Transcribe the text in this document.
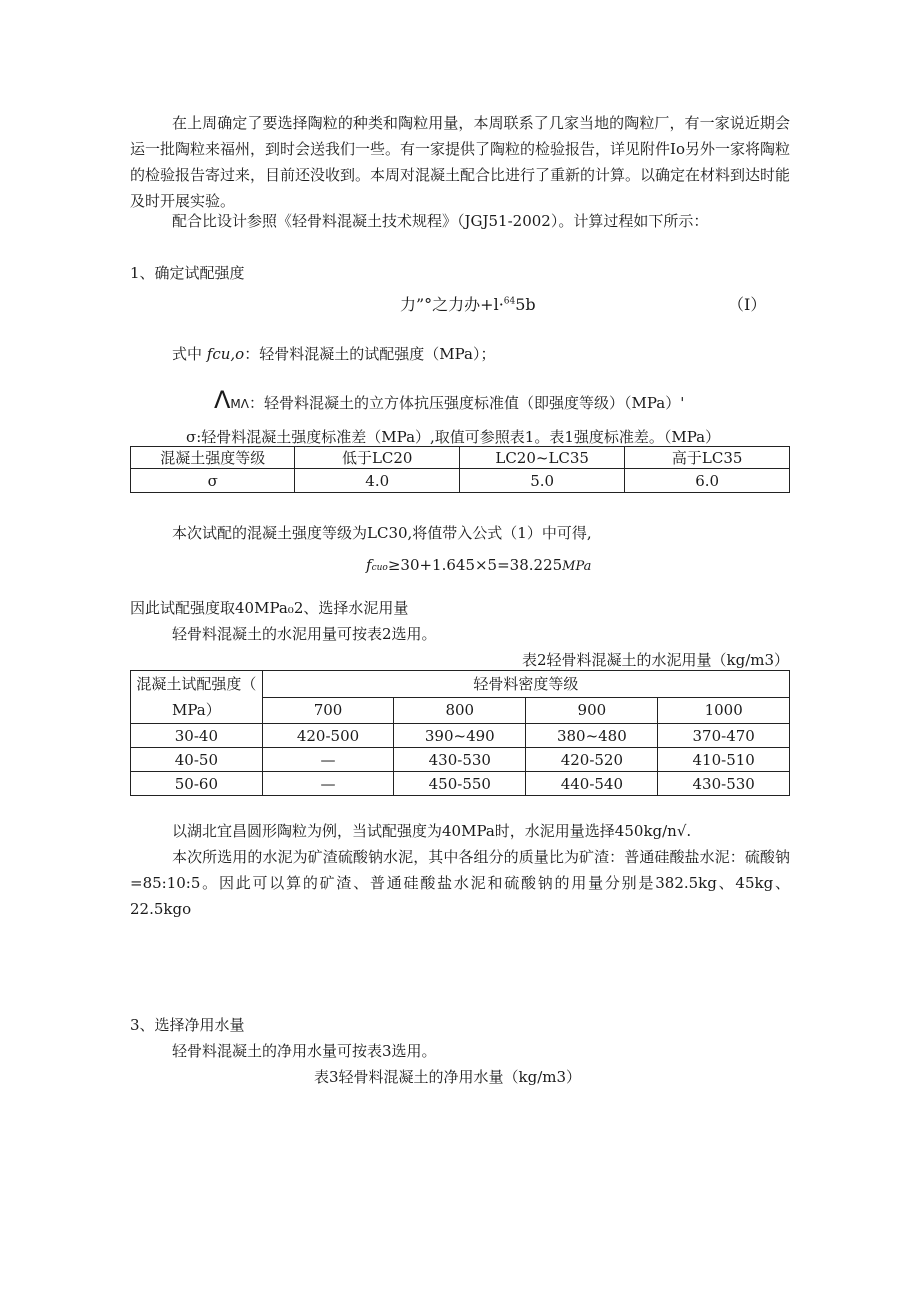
在上周确定了要选择陶粒的种类和陶粒用量，本周联系了几家当地的陶粒厂，有一家说近期会运一批陶粒来福州，到时会送我们一些。有一家提供了陶粒的检验报告，详见附件Io另外一家将陶粒的检验报告寄过来，目前还没收到。本周对混凝土配合比进行了重新的计算。以确定在材料到达时能及时开展实验。
配合比设计参照《轻骨料混凝土技术规程》（JGJ51-2002）。计算过程如下所示：
1、确定试配强度
力”°之力办+l·$^{64}$5b	（I）
式中 fcu,o：轻骨料混凝土的试配强度（MPa）；
ΛMΛ：轻骨料混凝土的立方体抗压强度标准值（即强度等级）（MPa）'
σ:轻骨料混凝土强度标准差（MPa）,取值可参照表1。表1强度标准差。（MPa）
混凝土强度等级	低于LC20	LC20~LC35	高于LC35
σ	4.0	5.0	6.0
本次试配的混凝土强度等级为LC30,将值带入公式（1）中可得,
fcuo≥30+1.645×5=38.225MPa
因此试配强度取40MPa₀2、选择水泥用量
轻骨料混凝土的水泥用量可按表2选用。
表2轻骨料混凝土的水泥用量（kg∕m3）
混凝土试配强度（
MPa）	轻骨料密度等级			
	700	800	900	1000
30-40	420-500	390~490	380~480	370-470
40-50	—	430-530	420-520	410-510
50-60	—	450-550	440-540	430-530
以湖北宜昌圆形陶粒为例，当试配强度为40MPa时，水泥用量选择450kg∕n√.
本次所选用的水泥为矿渣硫酸钠水泥，其中各组分的质量比为矿渣：普通硅酸盐水泥：硫酸钠=85:10:5。因此可以算的矿渣、普通硅酸盐水泥和硫酸钠的用量分别是382.5kg、45kg、22.5kgo
3、选择净用水量
轻骨料混凝土的净用水量可按表3选用。
表3轻骨料混凝土的净用水量（kg∕m3）
